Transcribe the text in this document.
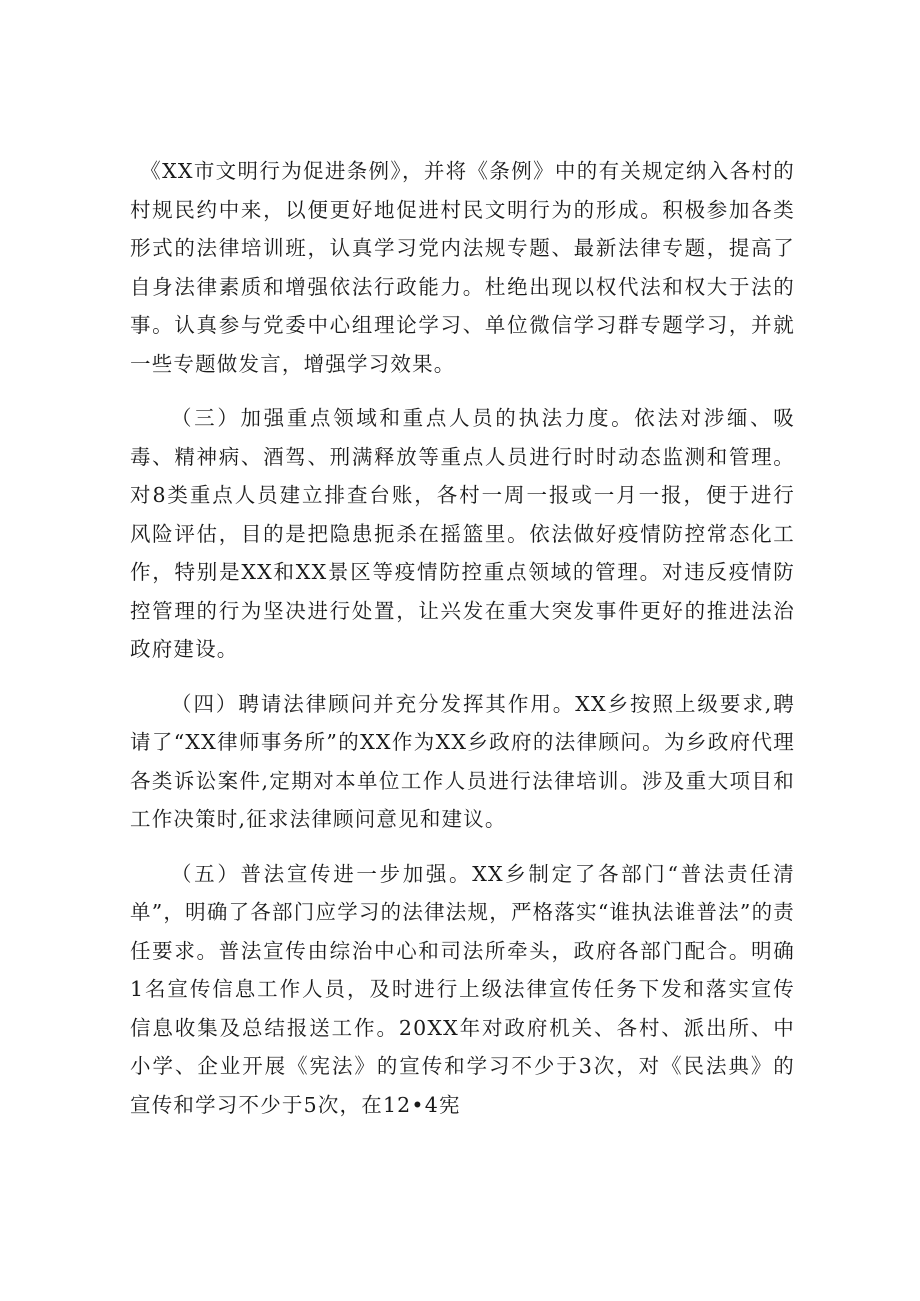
《XX市文明行为促进条例》，并将《条例》中的有关规定纳入各村的村规民约中来，以便更好地促进村民文明行为的形成。积极参加各类形式的法律培训班，认真学习党内法规专题、最新法律专题，提高了自身法律素质和增强依法行政能力。杜绝出现以权代法和权大于法的事。认真参与党委中心组理论学习、单位微信学习群专题学习，并就一些专题做发言，增强学习效果。

（三）加强重点领域和重点人员的执法力度。依法对涉缅、吸毒、精神病、酒驾、刑满释放等重点人员进行时时动态监测和管理。对8类重点人员建立排查台账，各村一周一报或一月一报，便于进行风险评估，目的是把隐患扼杀在摇篮里。依法做好疫情防控常态化工作，特别是XX和XX景区等疫情防控重点领域的管理。对违反疫情防控管理的行为坚决进行处置，让兴发在重大突发事件更好的推进法治政府建设。

（四）聘请法律顾问并充分发挥其作用。XX乡按照上级要求,聘请了“XX律师事务所”的XX作为XX乡政府的法律顾问。为乡政府代理各类诉讼案件,定期对本单位工作人员进行法律培训。涉及重大项目和工作决策时,征求法律顾问意见和建议。

（五）普法宣传进一步加强。XX乡制定了各部门“普法责任清单”，明确了各部门应学习的法律法规，严格落实“谁执法谁普法”的责任要求。普法宣传由综治中心和司法所牵头，政府各部门配合。明确1名宣传信息工作人员，及时进行上级法律宣传任务下发和落实宣传信息收集及总结报送工作。20XX年对政府机关、各村、派出所、中小学、企业开展《宪法》的宣传和学习不少于3次，对《民法典》的宣传和学习不少于5次，在12•4宪
